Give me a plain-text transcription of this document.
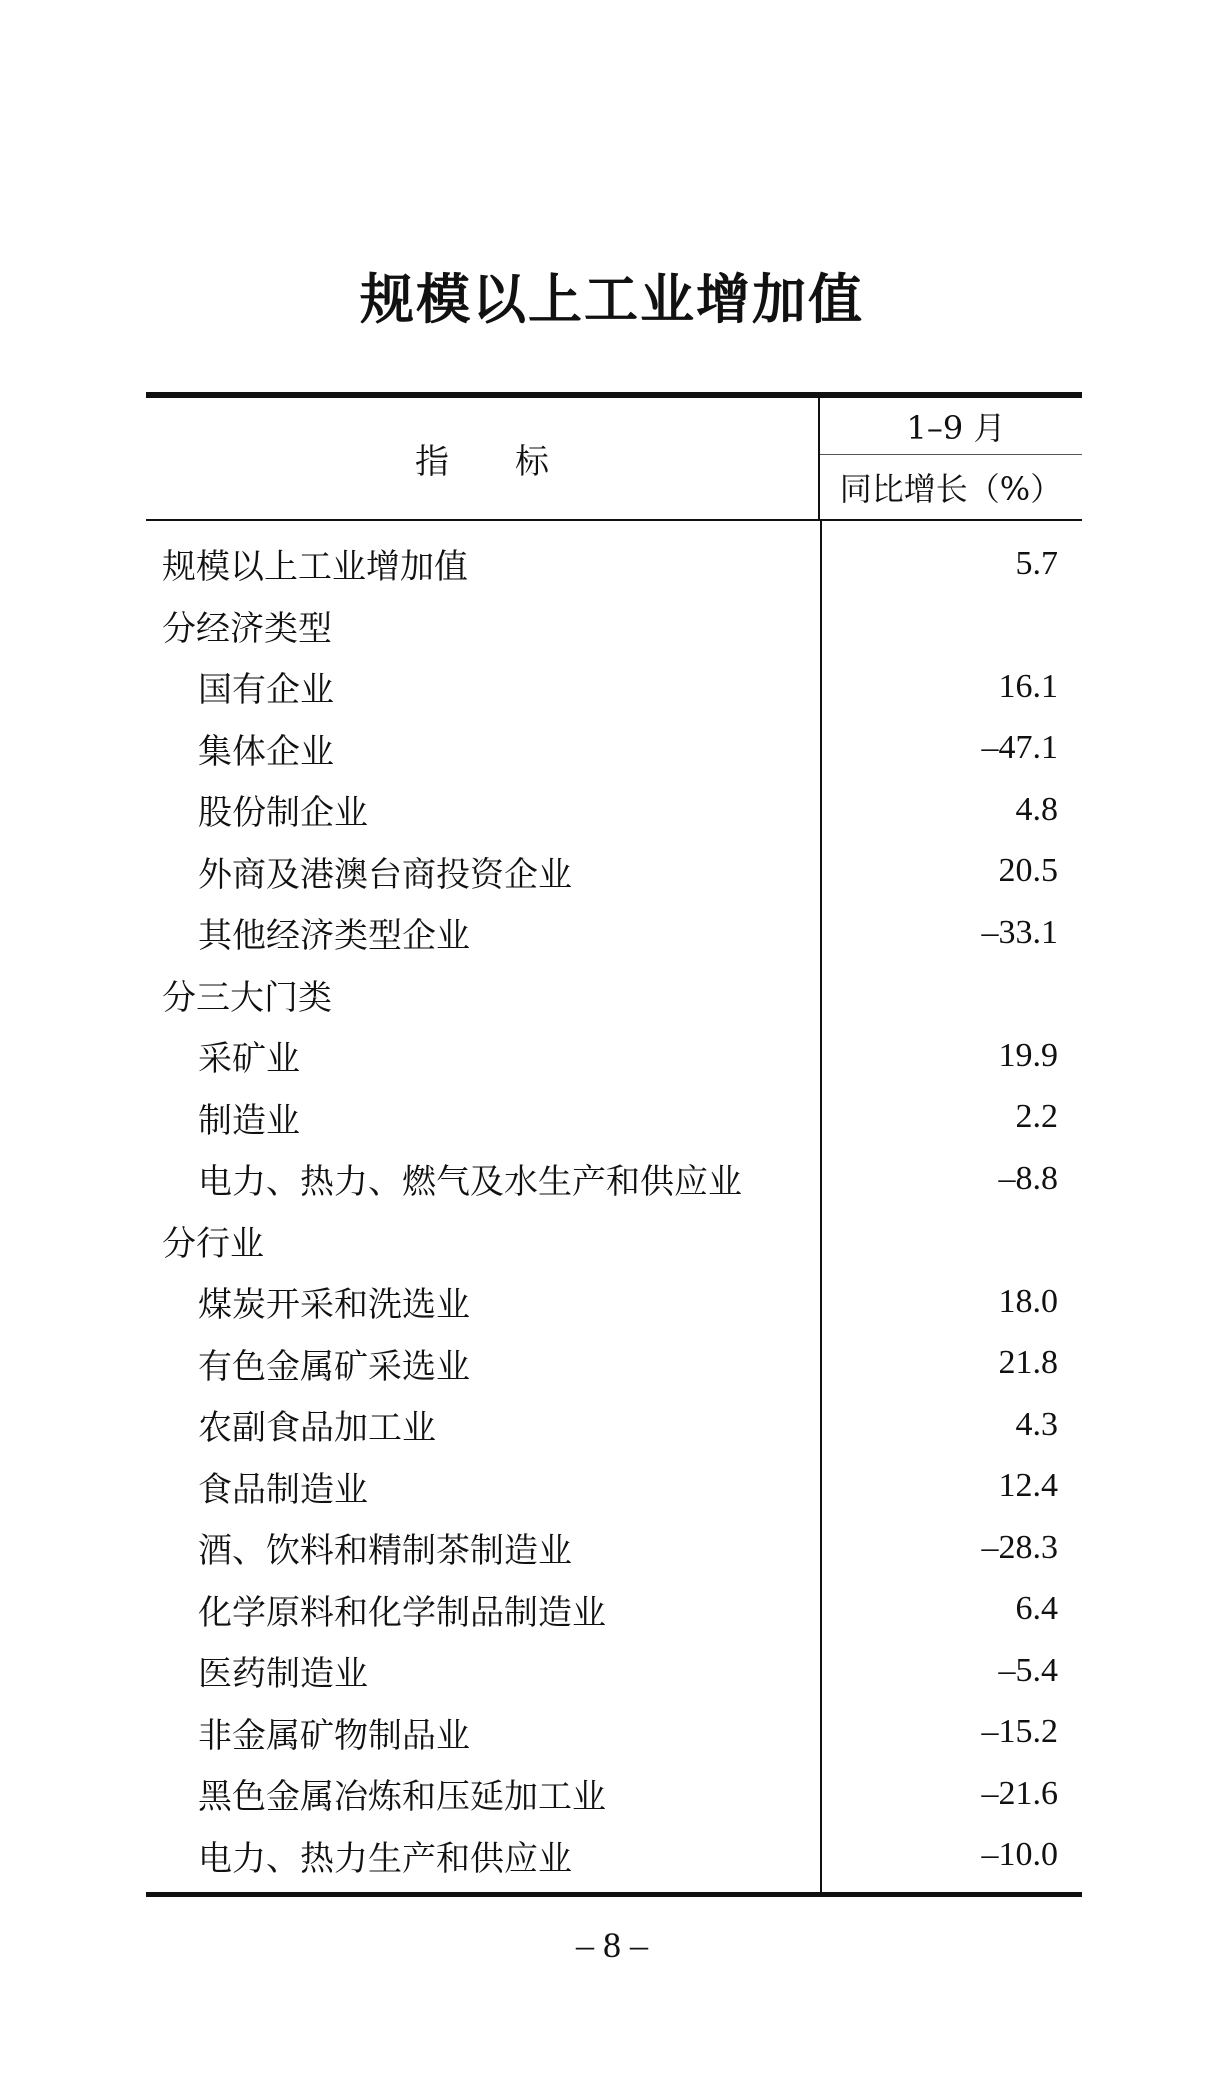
规模以上工业增加值
指标
1–9 月
同比增长（%）
规模以上工业增加值	5.7
分经济类型
国有企业	16.1
集体企业	–47.1
股份制企业	4.8
外商及港澳台商投资企业	20.5
其他经济类型企业	–33.1
分三大门类
采矿业	19.9
制造业	2.2
电力、热力、燃气及水生产和供应业	–8.8
分行业
煤炭开采和洗选业	18.0
有色金属矿采选业	21.8
农副食品加工业	4.3
食品制造业	12.4
酒、饮料和精制茶制造业	–28.3
化学原料和化学制品制造业	6.4
医药制造业	–5.4
非金属矿物制品业	–15.2
黑色金属冶炼和压延加工业	–21.6
电力、热力生产和供应业	–10.0
– 8 –
